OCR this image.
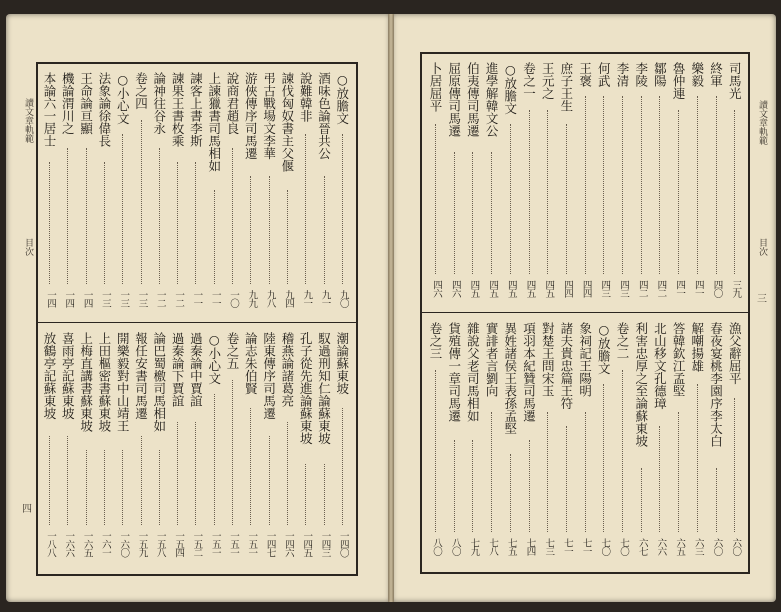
讀文章軌範
目次
四
讀文章軌範
目次
三
本論六一居士
一四
機論渭川之
一四
王命論亘顯
一四
法象論徐偉長
一三
○小心文
一三
卷之四
一三
論神往谷永
一二
諫果王書枚乘
一二
諫客上書李斯
一一
上諫獵書司馬相如
一一
說商君趙良
一〇
游俠傳序司馬遷
九九
弔古戰場文李華
九八
諫伐匈奴書主父偃
九四
說難韓非
九一
酒味色論晉共公
九一
○放膽文
九〇
放鶴亭記蘇東坡
一八八
喜雨亭記蘇東坡
一六六
上梅直講書蘇東坡
一六五
上田樞密書蘇東坡
一六一
開樂毅對中山靖王
一六〇
報任安書司馬遷
一五九
論巴蜀檄司馬相如
一五八
過秦論下賈誼
一五四
過秦論中賈誼
一五二
○小心文
一五一
卷之五
一五一
論志朱伯賢
一五一
陸東傳序司馬遷
一四七
稽燕論諸葛亮
一四六
孔子從先進論蘇東坡
一四五
馭過刑知仁論蘇東坡
一四三
潮論蘇東坡
一四〇
卜居屈平
四六
屈原傳司馬遷
四六
伯夷傳司馬遷
四五
進學解韓文公
四五
○放膽文
四五
卷之一
四五
王元之
四五
庶子王生
四四
王褒
四四
何武
四三
李清
四三
李陵
四二
鄒陽
四二
魯仲連
四一
樂毅
四一
終軍
四〇
司馬光
三九
卷之三
八〇
貨殖傳一章司馬遷
八〇
雜說父老司馬相如
七九
實誹者言劉向
七八
異姓諸侯王表孫孟堅
七五
項羽本紀贊司馬遷
七四
對楚王問宋玉
七三
諸夫貴忠篇王符
七一
象祠記王陽明
七一
○放膽文
七〇
卷之二
七〇
利害忠厚之至論蘇東坡
六七
北山移文孔德璋
六六
答韓欽江孟堅
六五
解嘲揚雄
六三
春夜宴桃李園序李太白
六〇
漁父辭屈平
六〇
